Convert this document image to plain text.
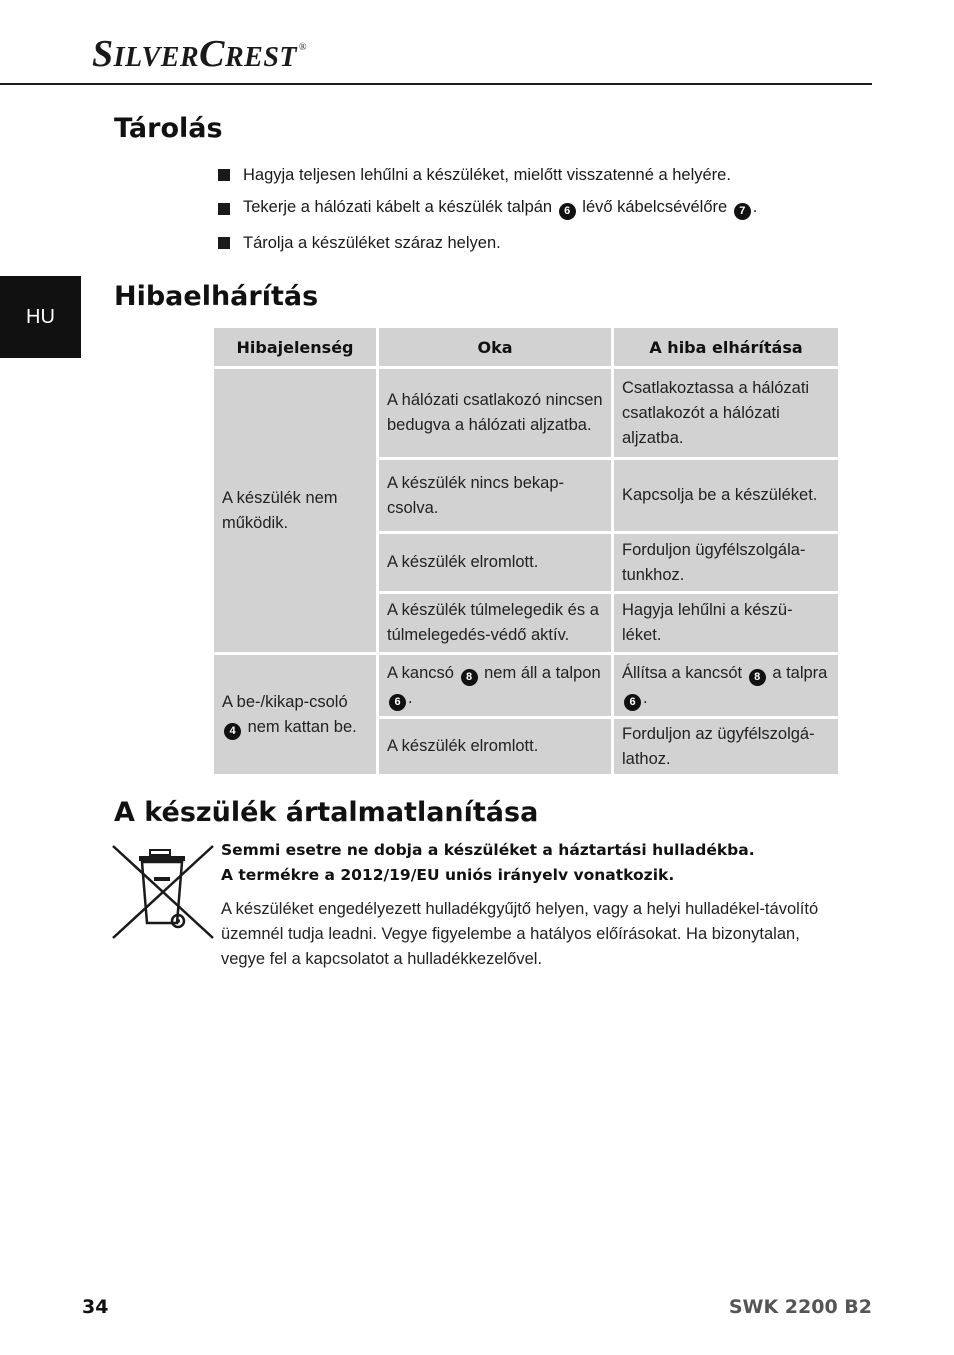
S ILVER C REST ®
HU
Tárolás
Hagyja teljesen lehűlni a készüléket, mielőtt visszatenné a helyére.
Tekerje a hálózati kábelt a készülék talpán 6 lévő kábelcsévélőre 7 .
Tárolja a készüléket száraz helyen.
Hibaelhárítás
Hibajelenség	Oka	A hiba elhárítása
A készülék nem működik.	A hálózati csatlakozó nincsen bedugva a hálózati aljzatba.	Csatlakoztassa a hálózati csatlakozót a hálózati aljzatba.
	A készülék nincs bekap-csolva.	Kapcsolja be a készüléket.
	A készülék elromlott.	Forduljon ügyfélszolgála-tunkhoz.
	A készülék túlmelegedik és a túlmelegedés-védő aktív.	Hagyja lehűlni a készü-léket.
A be-/kikap-csoló 4 nem kattan be.	A kancsó 8 nem áll a talpon 6 .	Állítsa a kancsót 8 a talpra 6 .
	A készülék elromlott.	Forduljon az ügyfélszolgá-lathoz.
A készülék ártalmatlanítása
Semmi esetre ne dobja a készüléket a háztartási hulladékba.
A termékre a 2012/19/EU uniós irányelv vonatkozik.
A készüléket engedélyezett hulladékgyűjtő helyen, vagy a helyi hulladékel-távolító üzemnél tudja leadni. Vegye figyelembe a hatályos előírásokat. Ha bizonytalan, vegye fel a kapcsolatot a hulladékkezelővel.
34	SWK 2200 B2
